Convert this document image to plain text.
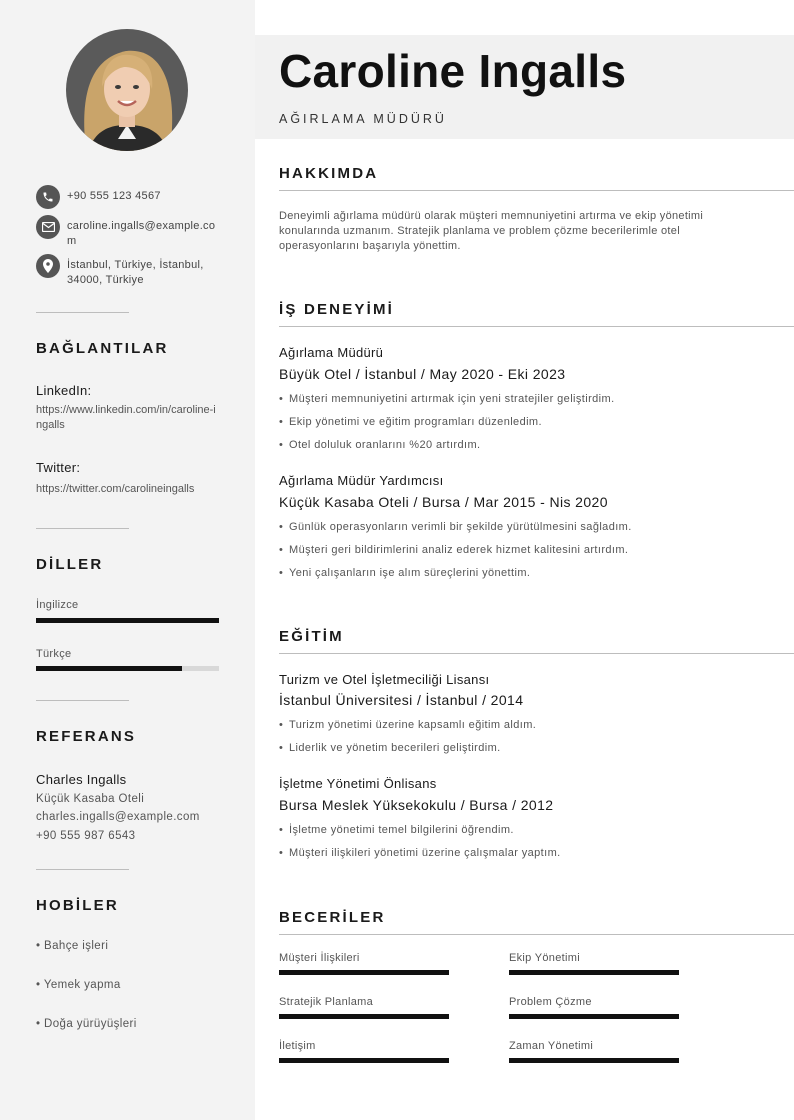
+90 555 123 4567
caroline.ingalls@example.com
İstanbul, Türkiye, İstanbul, 34000, Türkiye
BAĞLANTILAR
LinkedIn:
https://www.linkedin.com/in/caroline-ingalls
Twitter:
https://twitter.com/carolineingalls
DİLLER
İngilizce
Türkçe
REFERANS
Charles Ingalls
Küçük Kasaba Oteli
charles.ingalls@example.com
+90 555 987 6543
HOBİLER
• Bahçe işleri
• Yemek yapma
• Doğa yürüyüşleri
Caroline Ingalls
AĞIRLAMA MÜDÜRÜ
HAKKIMDA
Deneyimli ağırlama müdürü olarak müşteri memnuniyetini artırma ve ekip yönetimi konularında uzmanım. Stratejik planlama ve problem çözme becerilerimle otel operasyonlarını başarıyla yönettim.
İŞ DENEYİMİ
Ağırlama Müdürü
Büyük Otel / İstanbul / May 2020 - Eki 2023
• Müşteri memnuniyetini artırmak için yeni stratejiler geliştirdim.
• Ekip yönetimi ve eğitim programları düzenledim.
• Otel doluluk oranlarını %20 artırdım.
Ağırlama Müdür Yardımcısı
Küçük Kasaba Oteli / Bursa / Mar 2015 - Nis 2020
• Günlük operasyonların verimli bir şekilde yürütülmesini sağladım.
• Müşteri geri bildirimlerini analiz ederek hizmet kalitesini artırdım.
• Yeni çalışanların işe alım süreçlerini yönettim.
EĞİTİM
Turizm ve Otel İşletmeciliği Lisansı
İstanbul Üniversitesi / İstanbul / 2014
• Turizm yönetimi üzerine kapsamlı eğitim aldım.
• Liderlik ve yönetim becerileri geliştirdim.
İşletme Yönetimi Önlisans
Bursa Meslek Yüksekokulu / Bursa / 2012
• İşletme yönetimi temel bilgilerini öğrendim.
• Müşteri ilişkileri yönetimi üzerine çalışmalar yaptım.
BECERİLER
Müşteri İlişkileri	Ekip Yönetimi
Stratejik Planlama	Problem Çözme
İletişim	Zaman Yönetimi
